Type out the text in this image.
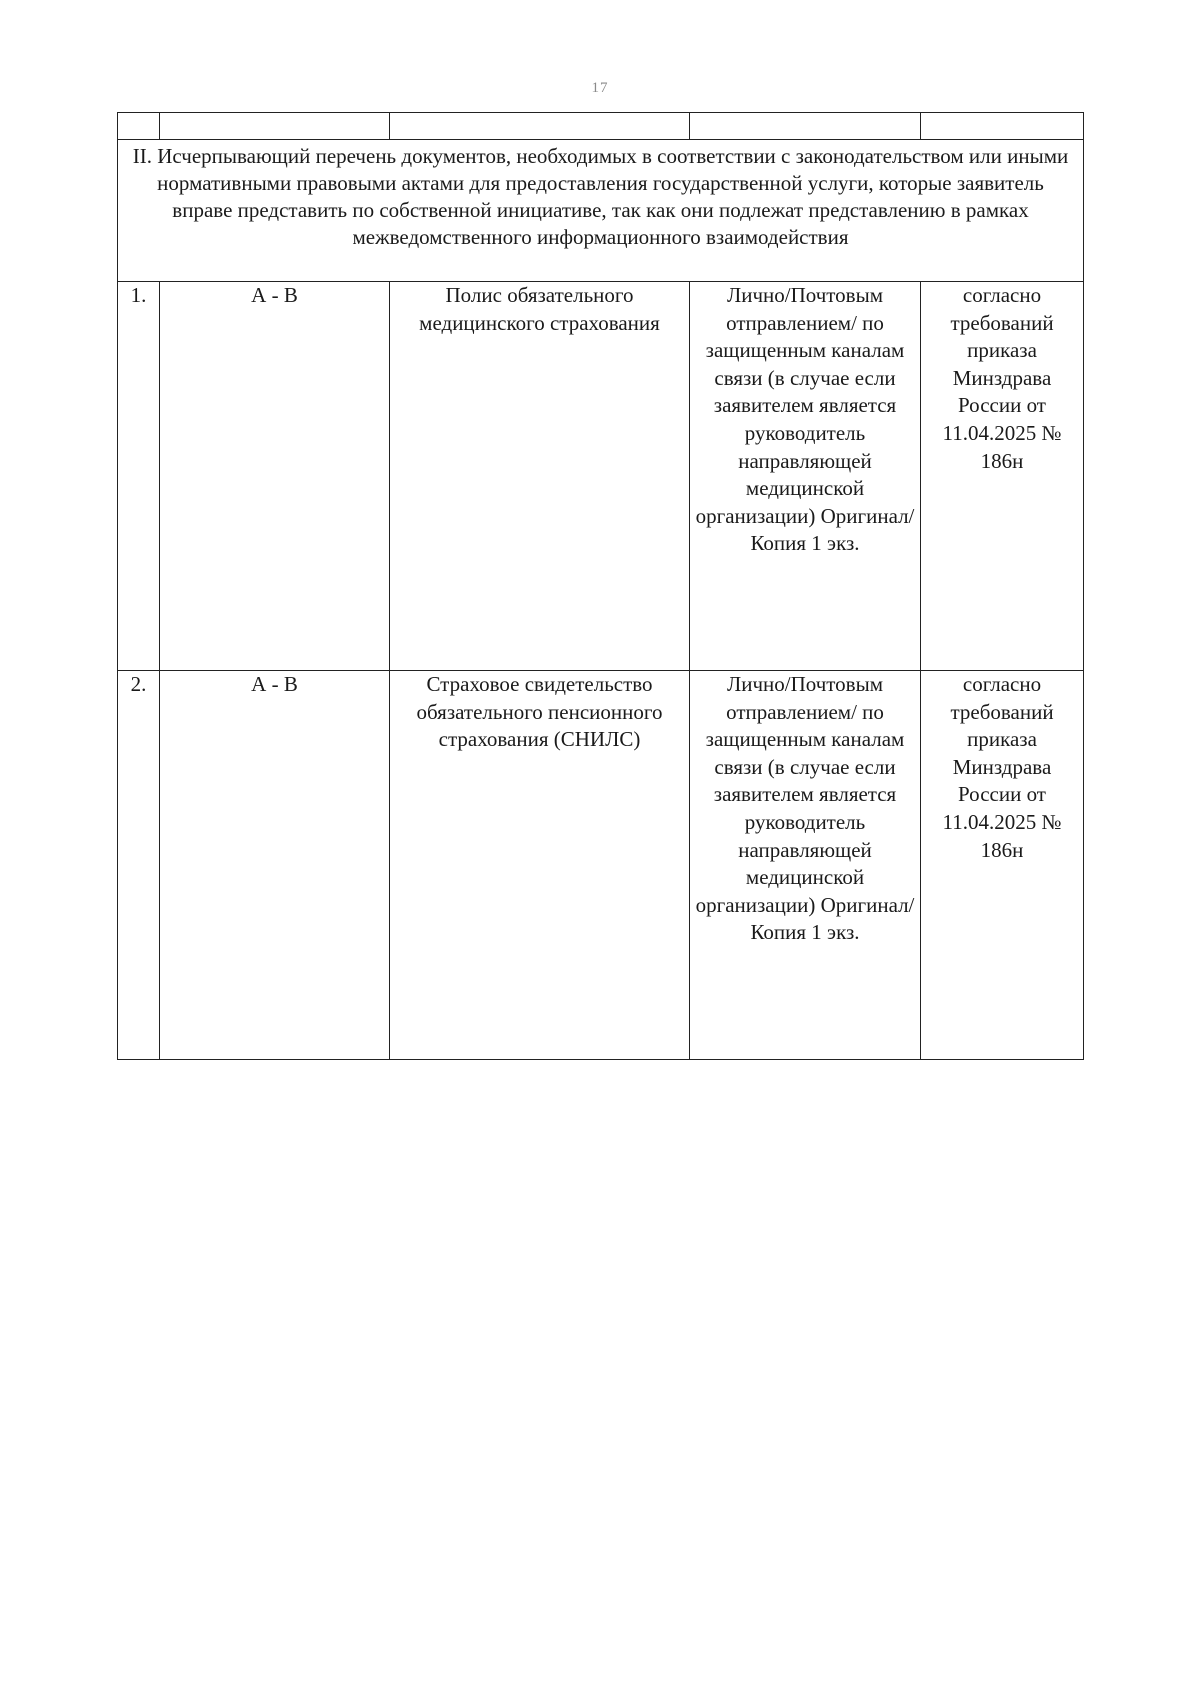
17

II. Исчерпывающий перечень документов, необходимых в соответствии с законодательством или иными нормативными правовыми актами для предоставления государственной услуги, которые заявитель вправе представить по собственной инициативе, так как они подлежат представлению в рамках межведомственного информационного взаимодействия				
1.	А - В	Полис обязательного медицинского страхования	Лично/Почтовым отправлением/ по защищенным каналам связи (в случае если заявителем является руководитель направляющей медицинской организации) Оригинал/Копия 1 экз.	согласно требований приказа Минздрава России от 11.04.2025 № 186н
2.	А - В	Страховое свидетельство обязательного пенсионного страхования (СНИЛС)	Лично/Почтовым отправлением/ по защищенным каналам связи (в случае если заявителем является руководитель направляющей медицинской организации) Оригинал/Копия 1 экз.	согласно требований приказа Минздрава России от 11.04.2025 № 186н
